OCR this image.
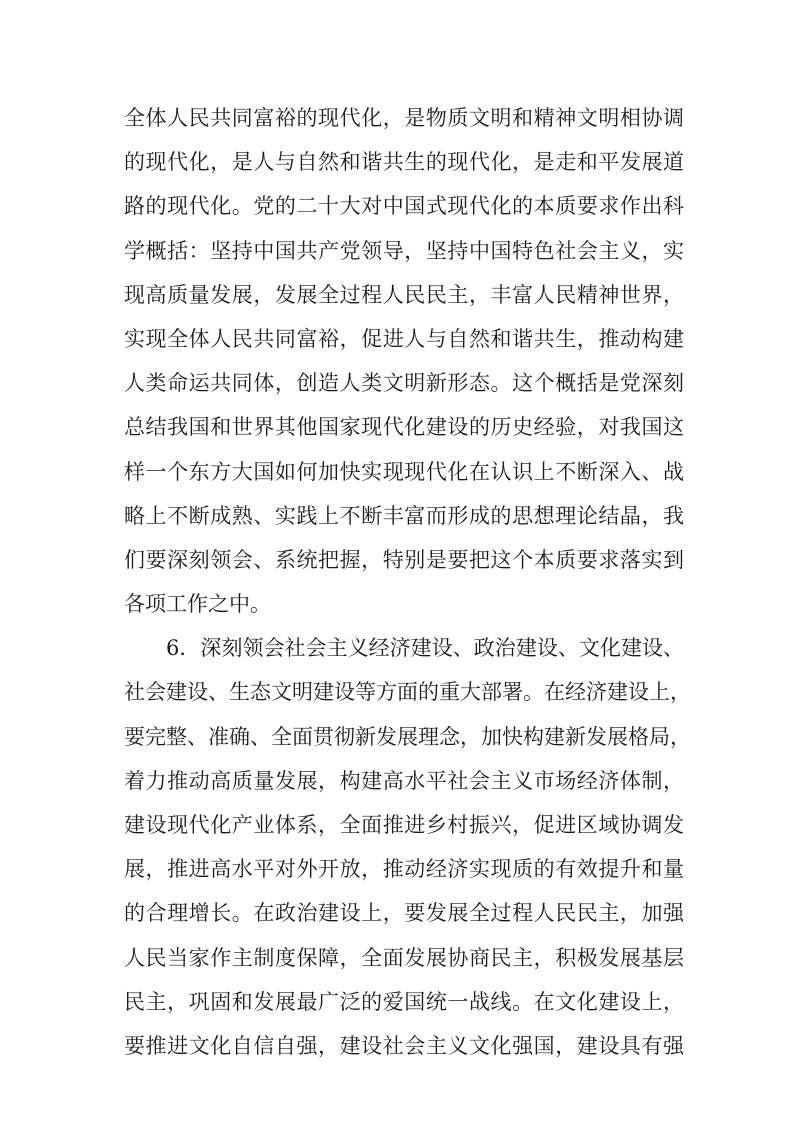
全体人民共同富裕的现代化，是物质文明和精神文明相协调
的现代化，是人与自然和谐共生的现代化，是走和平发展道
路的现代化。党的二十大对中国式现代化的本质要求作出科
学概括：坚持中国共产党领导，坚持中国特色社会主义，实
现高质量发展，发展全过程人民民主，丰富人民精神世界，
实现全体人民共同富裕，促进人与自然和谐共生，推动构建
人类命运共同体，创造人类文明新形态。这个概括是党深刻
总结我国和世界其他国家现代化建设的历史经验，对我国这
样一个东方大国如何加快实现现代化在认识上不断深入、战
略上不断成熟、实践上不断丰富而形成的思想理论结晶，我
们要深刻领会、系统把握，特别是要把这个本质要求落实到
各项工作之中。
6．深刻领会社会主义经济建设、政治建设、文化建设、
社会建设、生态文明建设等方面的重大部署。在经济建设上，
要完整、准确、全面贯彻新发展理念，加快构建新发展格局，
着力推动高质量发展，构建高水平社会主义市场经济体制，
建设现代化产业体系，全面推进乡村振兴，促进区域协调发
展，推进高水平对外开放，推动经济实现质的有效提升和量
的合理增长。在政治建设上，要发展全过程人民民主，加强
人民当家作主制度保障，全面发展协商民主，积极发展基层
民主，巩固和发展最广泛的爱国统一战线。在文化建设上，
要推进文化自信自强，建设社会主义文化强国，建设具有强
